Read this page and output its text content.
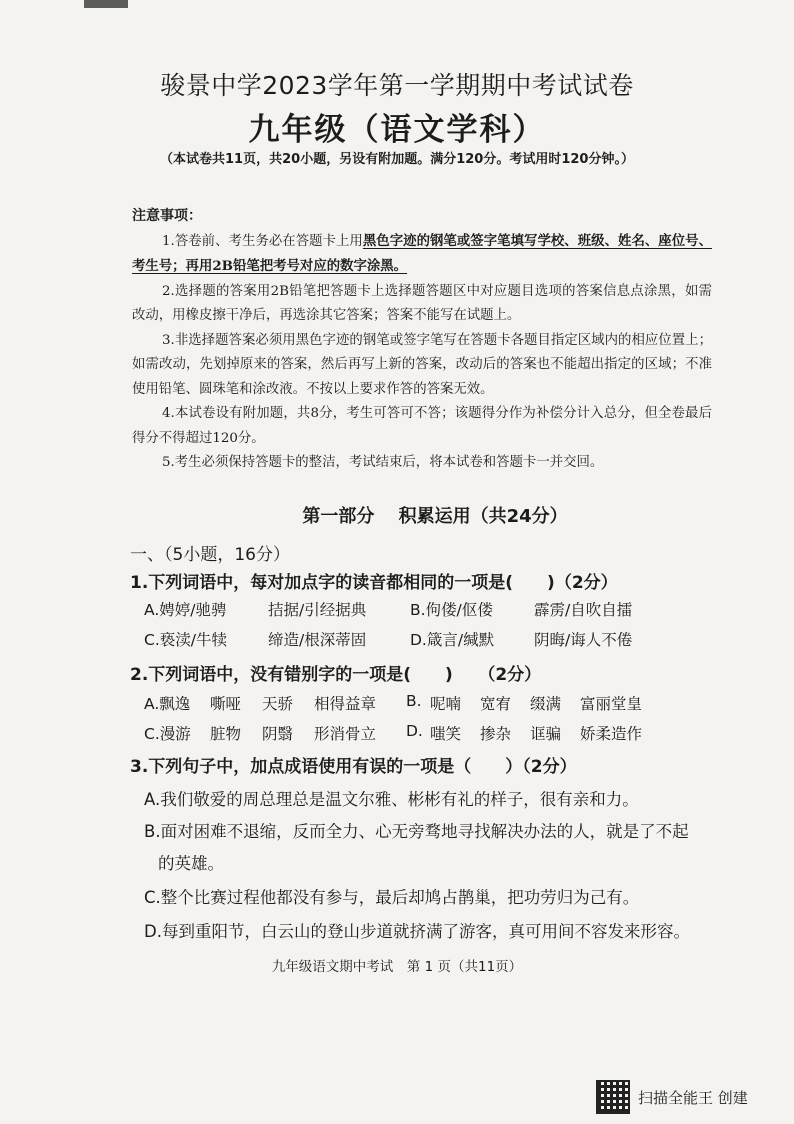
骏景中学2023学年第一学期期中考试试卷
九年级（语文学科）
（本试卷共11页，共20小题，另设有附加题。满分120分。考试用时120分钟。）
注意事项：
1.答卷前、考生务必在答题卡上用黑色字迹的钢笔或签字笔填写学校、班级、姓名、座位号、考生号；再用2B铅笔把考号对应的数字涂黑。
2.选择题的答案用2B铅笔把答题卡上选择题答题区中对应题目选项的答案信息点涂黑，如需改动，用橡皮擦干净后，再选涂其它答案；答案不能写在试题上。
3.非选择题答案必须用黑色字迹的钢笔或签字笔写在答题卡各题目指定区域内的相应位置上；如需改动，先划掉原来的答案，然后再写上新的答案，改动后的答案也不能超出指定的区域；不准使用铅笔、圆珠笔和涂改液。不按以上要求作答的答案无效。
4.本试卷设有附加题，共8分，考生可答可不答；该题得分作为补偿分计入总分，但全卷最后得分不得超过120分。
5.考生必须保持答题卡的整洁，考试结束后，将本试卷和答题卡一并交回。
第一部分 积累运用（共24分）
一、（5小题，16分）
1.下列词语中，每对加点字的读音都相同的一项是(　　)（2分）
A.娉婷/驰骋	拮据/引经据典	B.佝偻/伛偻	霹雳/自吹自擂
C.亵渎/牛犊	缔造/根深蒂固	D.箴言/缄默	阴晦/诲人不倦
2.下列词语中，没有错别字的一项是(　　)　　（2分）
A.飘逸	嘶哑	天骄	相得益章	B. 呢喃	宽宥	缀满	富丽堂皇
C.漫游	脏物	阴翳	形消骨立	D. 嗤笑	掺杂	诓骗	娇柔造作
3.下列句子中，加点成语使用有误的一项是（　　）（2分）
A.我们敬爱的周总理总是温文尔雅、彬彬有礼的样子，很有亲和力。
B.面对困难不退缩，反而全力、心无旁骛地寻找解决办法的人，就是了不起
的英雄。
C.整个比赛过程他都没有参与，最后却鸠占鹊巢，把功劳归为己有。
D.每到重阳节，白云山的登山步道就挤满了游客，真可用间不容发来形容。
九年级语文期中考试　第 1 页（共11页）
扫描全能王 创建
